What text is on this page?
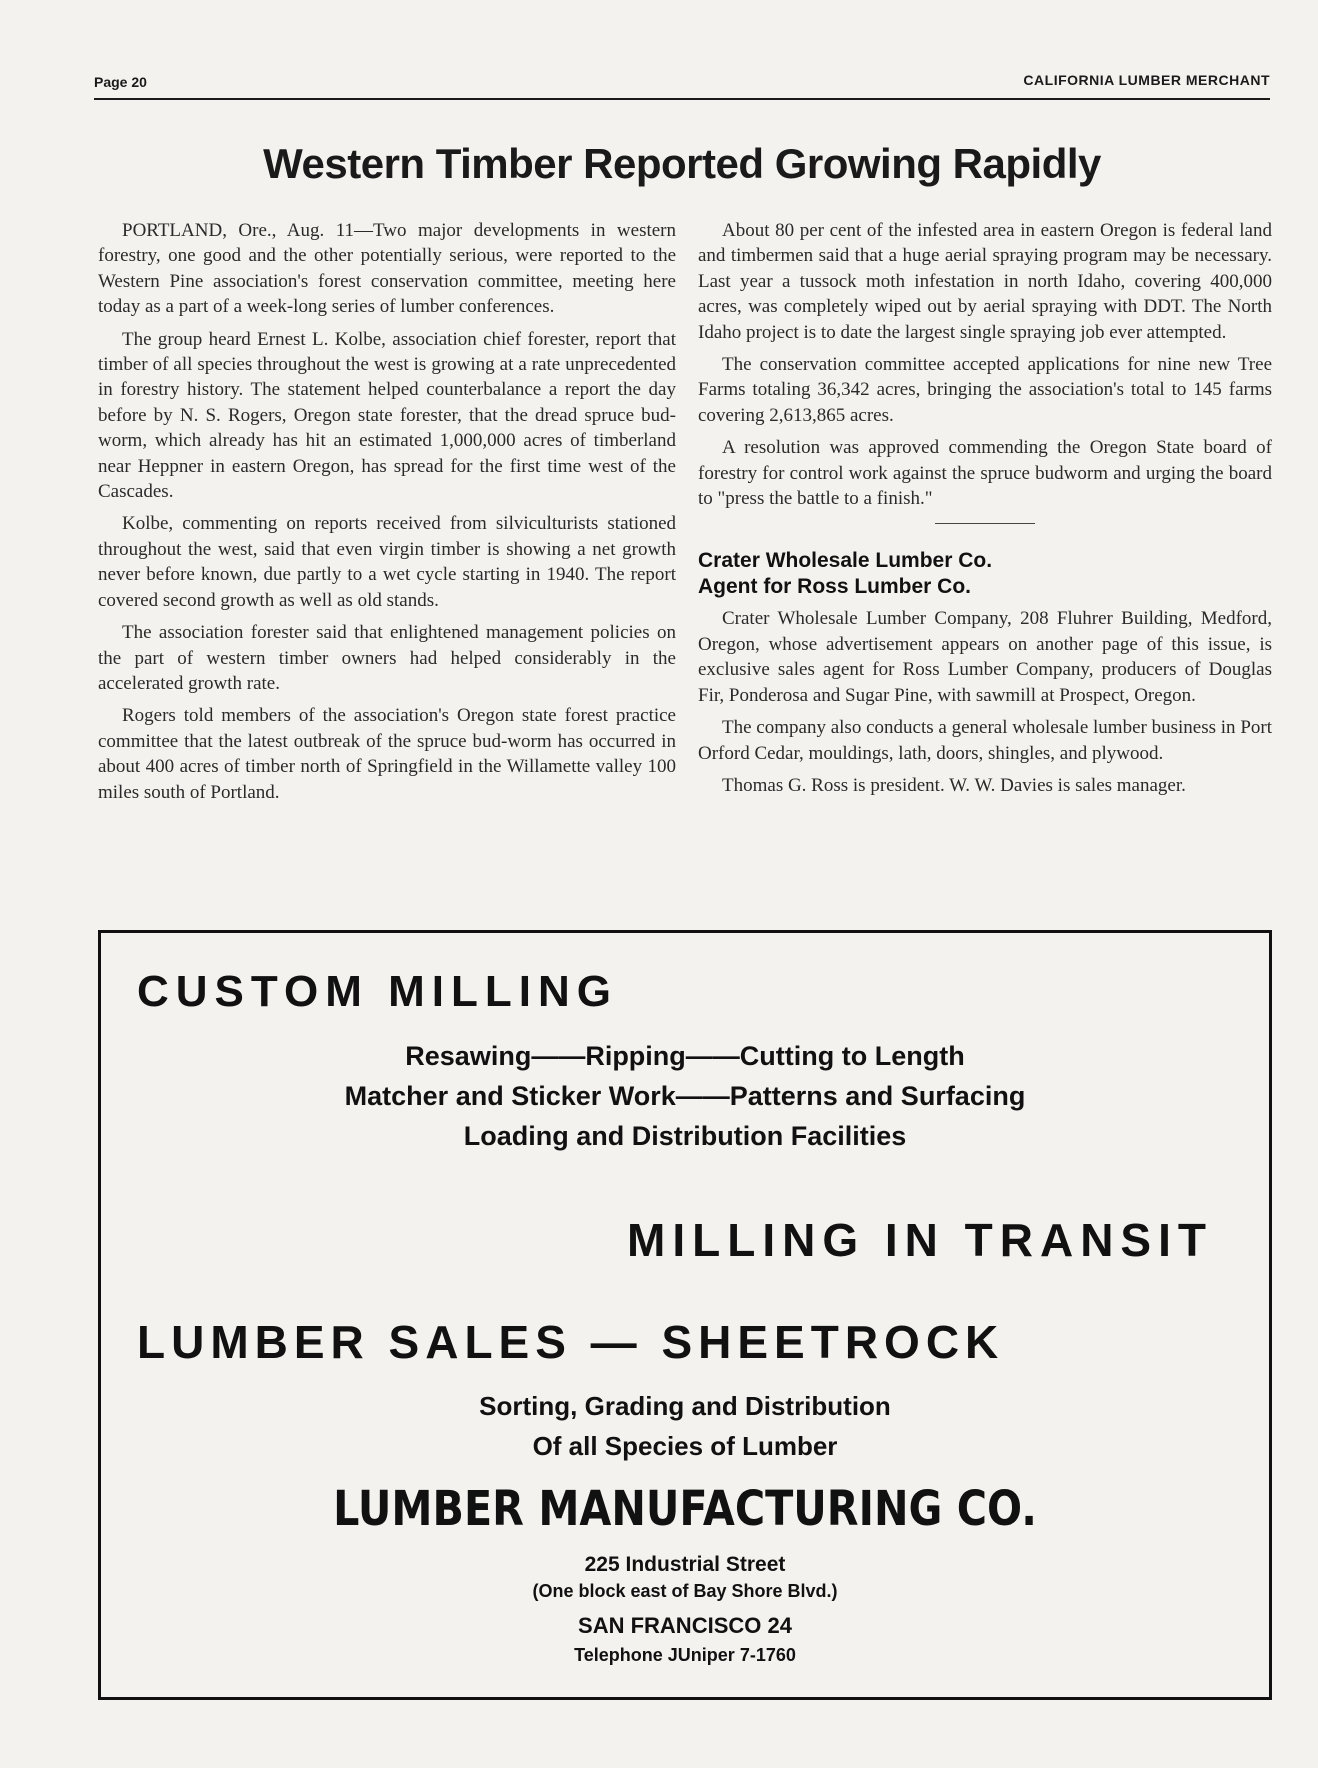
Page 20	CALIFORNIA LUMBER MERCHANT
Western Timber Reported Growing Rapidly

PORTLAND, Ore., Aug. 11—Two major developments in western forestry, one good and the other potentially serious, were reported to the Western Pine association's forest conservation committee, meeting here today as a part of a week-long series of lumber conferences.

The group heard Ernest L. Kolbe, association chief forester, report that timber of all species throughout the west is growing at a rate unprecedented in forestry history. The statement helped counterbalance a report the day before by N. S. Rogers, Oregon state forester, that the dread spruce bud-worm, which already has hit an estimated 1,000,000 acres of timberland near Heppner in eastern Oregon, has spread for the first time west of the Cascades.

Kolbe, commenting on reports received from silviculturists stationed throughout the west, said that even virgin timber is showing a net growth never before known, due partly to a wet cycle starting in 1940. The report covered second growth as well as old stands.

The association forester said that enlightened management policies on the part of western timber owners had helped considerably in the accelerated growth rate.

Rogers told members of the association's Oregon state forest practice committee that the latest outbreak of the spruce bud-worm has occurred in about 400 acres of timber north of Springfield in the Willamette valley 100 miles south of Portland.

About 80 per cent of the infested area in eastern Oregon is federal land and timbermen said that a huge aerial spraying program may be necessary. Last year a tussock moth infestation in north Idaho, covering 400,000 acres, was completely wiped out by aerial spraying with DDT. The North Idaho project is to date the largest single spraying job ever attempted.

The conservation committee accepted applications for nine new Tree Farms totaling 36,342 acres, bringing the association's total to 145 farms covering 2,613,865 acres.

A resolution was approved commending the Oregon State board of forestry for control work against the spruce budworm and urging the board to "press the battle to a finish."

Crater Wholesale Lumber Co.
Agent for Ross Lumber Co.

Crater Wholesale Lumber Company, 208 Fluhrer Building, Medford, Oregon, whose advertisement appears on another page of this issue, is exclusive sales agent for Ross Lumber Company, producers of Douglas Fir, Ponderosa and Sugar Pine, with sawmill at Prospect, Oregon.

The company also conducts a general wholesale lumber business in Port Orford Cedar, mouldings, lath, doors, shingles, and plywood.

Thomas G. Ross is president. W. W. Davies is sales manager.

CUSTOM MILLING
Resawing——Ripping——Cutting to Length
Matcher and Sticker Work——Patterns and Surfacing
Loading and Distribution Facilities
MILLING IN TRANSIT
LUMBER SALES — SHEETROCK
Sorting, Grading and Distribution
Of all Species of Lumber
LUMBER MANUFACTURING CO.
225 Industrial Street
(One block east of Bay Shore Blvd.)
SAN FRANCISCO 24
Telephone JUniper 7-1760
